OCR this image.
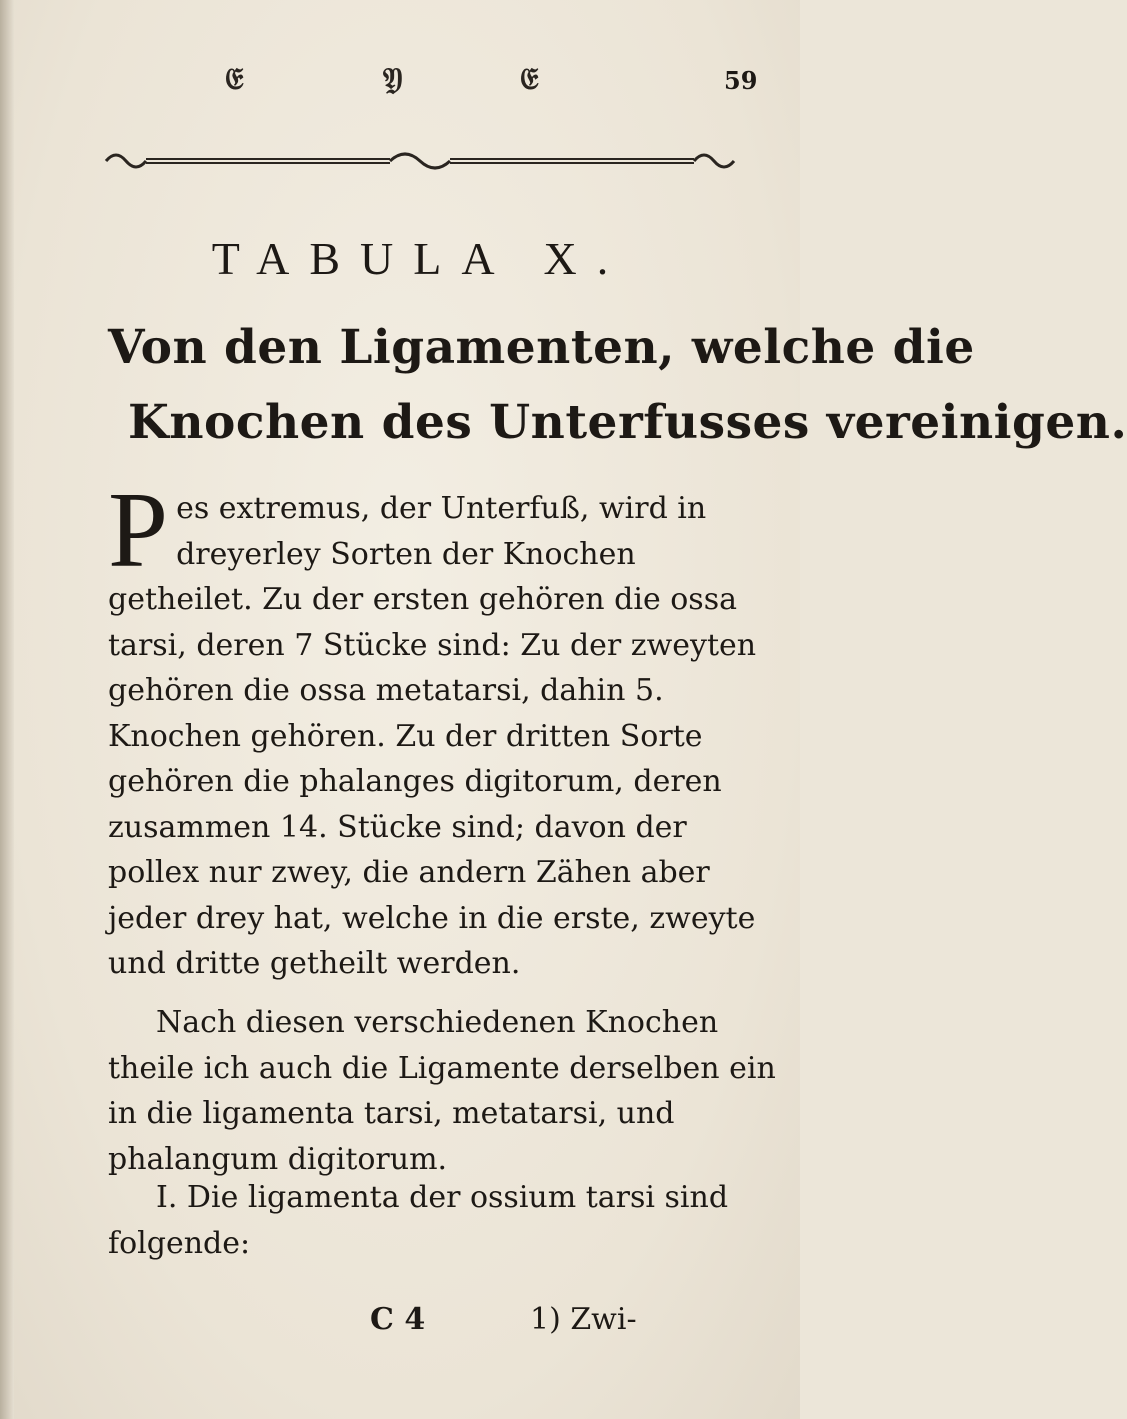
𝔈	𝔜	𝔈	59
TABULA X.
Von den Ligamenten, welche die
Knochen des Unterfusses vereinigen.
Pes extremus, der Unterfuß, wird in dreyerley Sorten der Knochen getheilet. Zu der ersten gehören die ossa tarsi, deren 7 Stücke sind: Zu der zweyten gehören die ossa metatarsi, dahin 5. Knochen gehören. Zu der dritten Sorte gehören die phalanges digitorum, deren zusammen 14. Stücke sind; davon der pollex nur zwey, die andern Zähen aber jeder drey hat, welche in die erste, zweyte und dritte getheilt werden.
Nach diesen verschiedenen Knochen theile ich auch die Ligamente derselben ein in die ligamenta tarsi, metatarsi, und phalangum digitorum.
I. Die ligamenta der ossium tarsi sind folgende:
C 4	1) Zwi-
